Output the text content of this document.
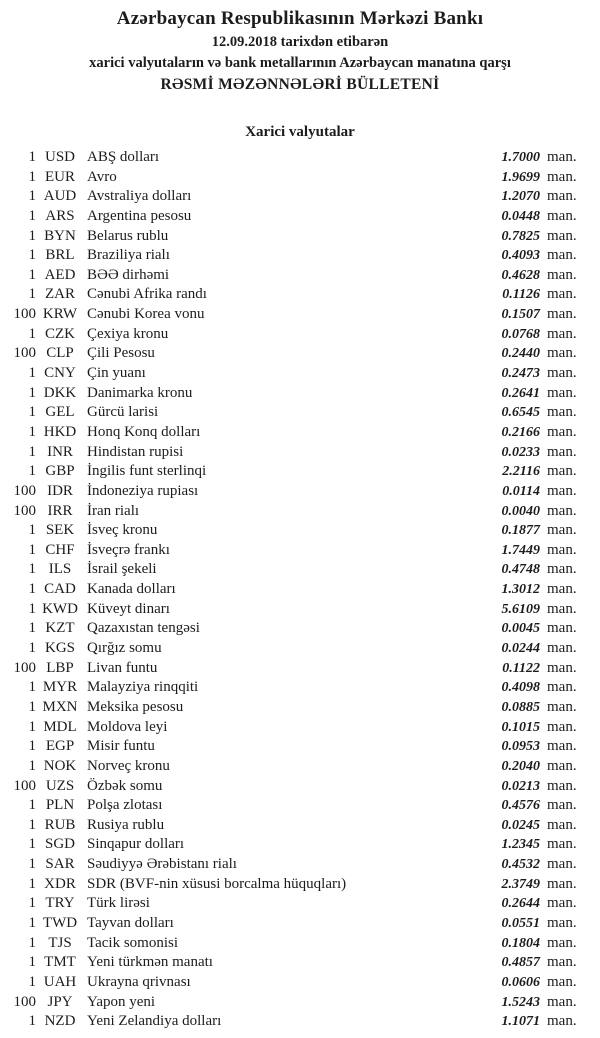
Azərbaycan Respublikasının Mərkəzi Bankı
12.09.2018 tarixdən etibarən
xarici valyutaların və bank metallarının Azərbaycan manatına qarşı
RƏSMİ MƏZƏNNƏLƏRİ BÜLLETENİ
Xarici valyutalar
1 USD ABŞ dolları	1.7000 man.
1 EUR Avro	1.9699 man.
1 AUD Avstraliya dolları	1.2070 man.
1 ARS Argentina pesosu	0.0448 man.
1 BYN Belarus rublu	0.7825 man.
1 BRL Braziliya rialı	0.4093 man.
1 AED BƏƏ dirhəmi	0.4628 man.
1 ZAR Cənubi Afrika randı	0.1126 man.
100 KRW Cənubi Korea vonu	0.1507 man.
1 CZK Çexiya kronu	0.0768 man.
100 CLP Çili Pesosu	0.2440 man.
1 CNY Çin yuanı	0.2473 man.
1 DKK Danimarka kronu	0.2641 man.
1 GEL Gürcü larisi	0.6545 man.
1 HKD Honq Konq dolları	0.2166 man.
1 INR Hindistan rupisi	0.0233 man.
1 GBP İngilis funt sterlinqi	2.2116 man.
100 IDR İndoneziya rupiası	0.0114 man.
100 IRR İran rialı	0.0040 man.
1 SEK İsveç kronu	0.1877 man.
1 CHF İsveçrə frankı	1.7449 man.
1 ILS	İsrail şekeli	0.4748 man.
1 CAD Kanada dolları	1.3012 man.
1 KWD Küveyt dinarı	5.6109 man.
1 KZT Qazaxıstan tengəsi	0.0045 man.
1 KGS Qırğız somu	0.0244 man.
100 LBP Livan funtu	0.1122 man.
1 MYR Malayziya rinqqiti	0.4098 man.
1 MXN Meksika pesosu	0.0885 man.
1 MDL Moldova leyi	0.1015 man.
1 EGP Misir funtu	0.0953 man.
1 NOK Norveç kronu	0.2040 man.
100 UZS Özbək somu	0.0213 man.
1 PLN Polşa zlotası	0.4576 man.
1 RUB Rusiya rublu	0.0245 man.
1 SGD Sinqapur dolları	1.2345 man.
1 SAR Səudiyyə Ərəbistanı rialı	0.4532 man.
1 XDR SDR (BVF-nin xüsusi borcalma hüquqları)	2.3749 man.
1 TRY Türk lirəsi	0.2644 man.
1 TWD Tayvan dolları	0.0551 man.
1 TJS	Tacik somonisi	0.1804 man.
1 TMT Yeni türkmən manatı	0.4857 man.
1 UAH Ukrayna qrivnası	0.0606 man.
100 JPY Yapon yeni	1.5243 man.
1 NZD Yeni Zelandiya dolları	1.1071 man.
